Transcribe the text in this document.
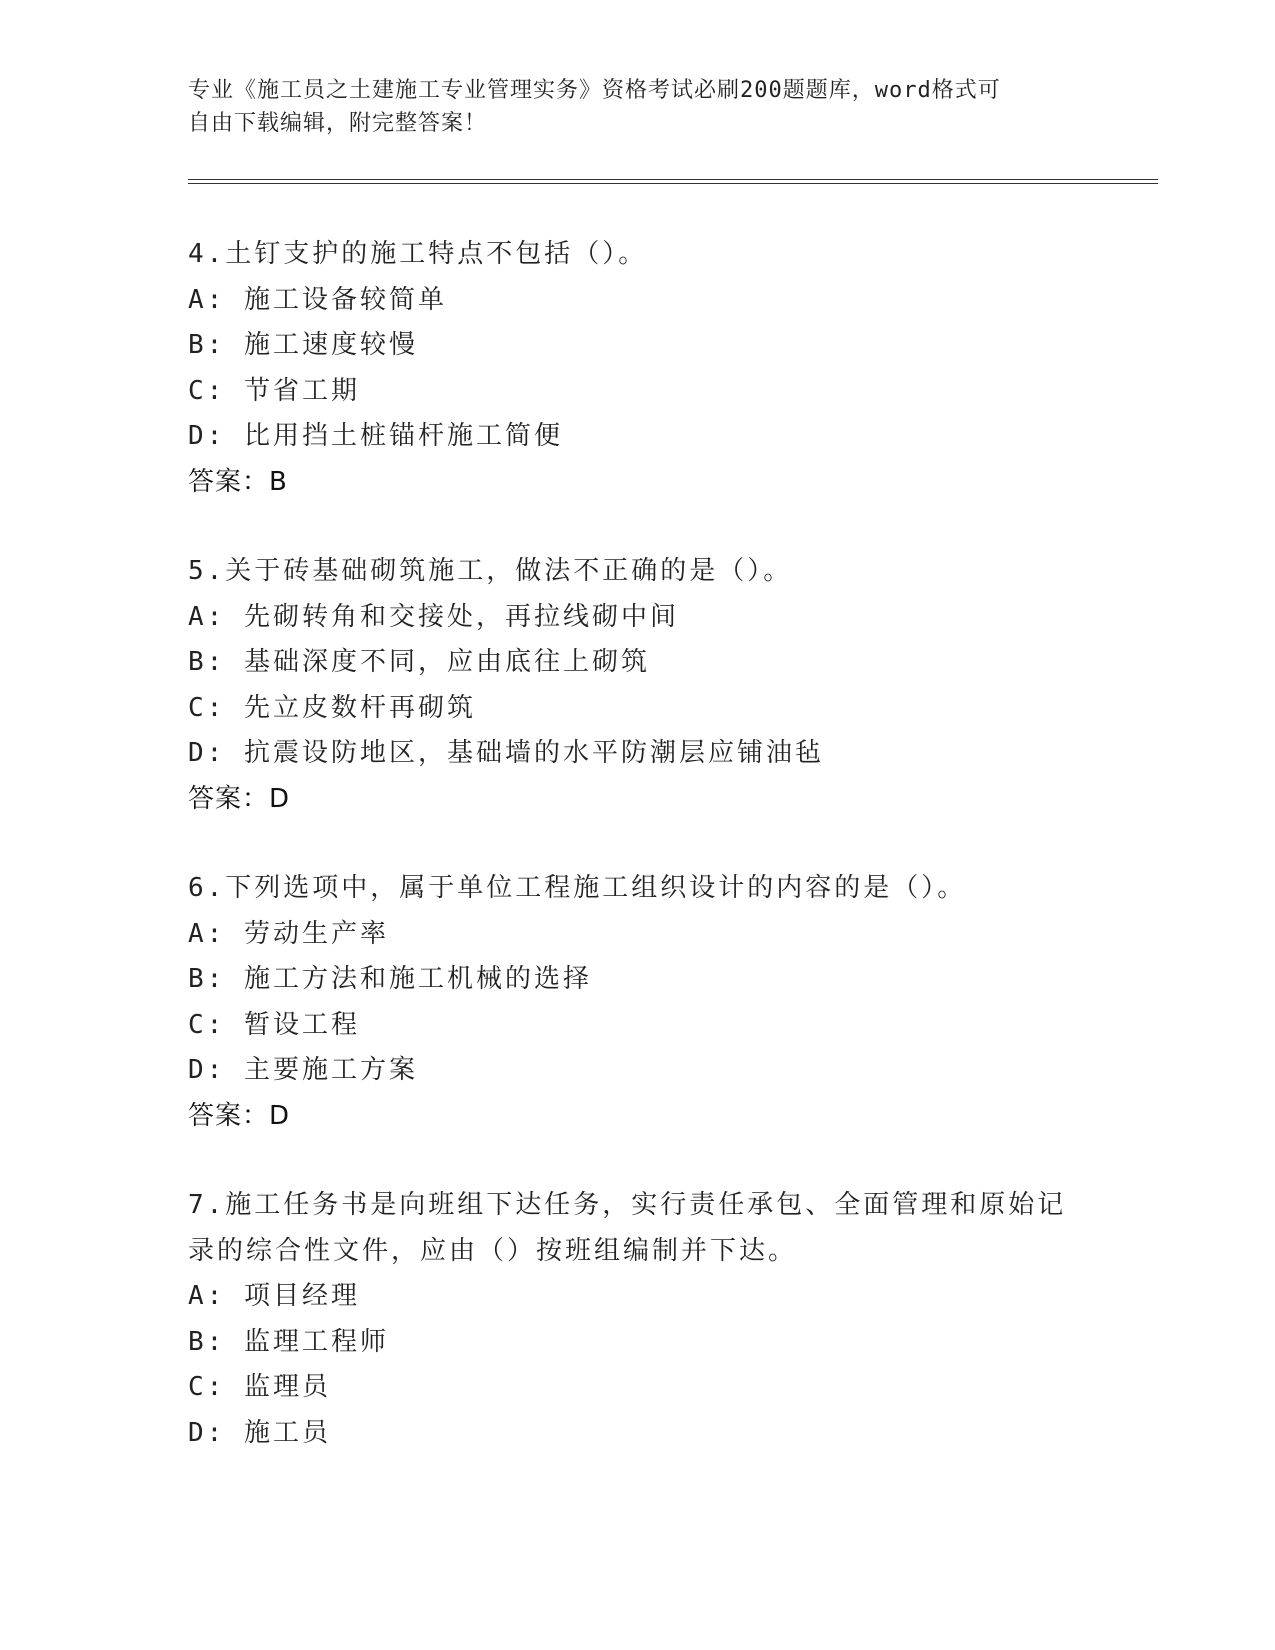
专业《施工员之土建施工专业管理实务》资格考试必刷200题题库，word格式可
自由下载编辑，附完整答案！
4.土钉支护的施工特点不包括（）。
A: 施工设备较简单
B: 施工速度较慢
C: 节省工期
D: 比用挡土桩锚杆施工简便
答案：B
5.关于砖基础砌筑施工，做法不正确的是（）。
A: 先砌转角和交接处，再拉线砌中间
B: 基础深度不同，应由底往上砌筑
C: 先立皮数杆再砌筑
D: 抗震设防地区，基础墙的水平防潮层应铺油毡
答案：D
6.下列选项中，属于单位工程施工组织设计的内容的是（）。
A: 劳动生产率
B: 施工方法和施工机械的选择
C: 暂设工程
D: 主要施工方案
答案：D
7.施工任务书是向班组下达任务，实行责任承包、全面管理和原始记
录的综合性文件，应由（）按班组编制并下达。
A: 项目经理
B: 监理工程师
C: 监理员
D: 施工员
